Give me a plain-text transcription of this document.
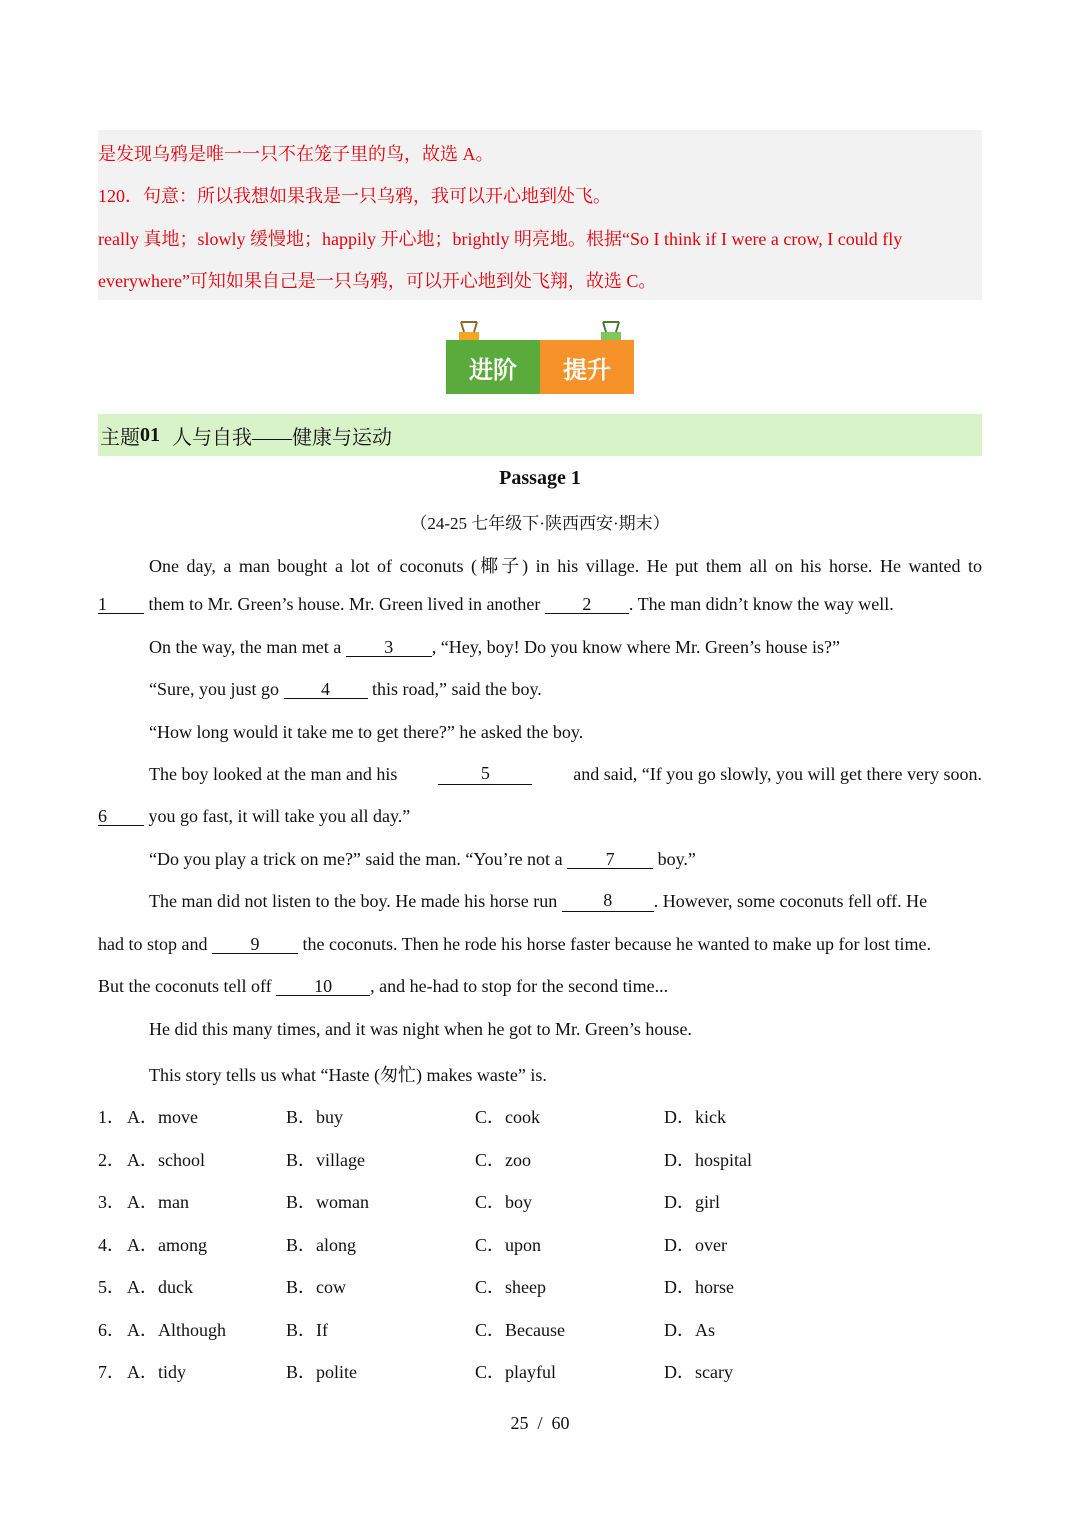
是发现乌鸦是唯一一只不在笼子里的鸟，故选 A。
120．句意：所以我想如果我是一只乌鸦，我可以开心地到处飞。
really 真地；slowly 缓慢地；happily 开心地；brightly 明亮地。根据“So I think if I were a crow, I could fly
everywhere”可知如果自己是一只乌鸦，可以开心地到处飞翔，故选 C。
进阶	提升
主题 01 人与自我——健康与运动
Passage 1
（24-25 七年级下·陕西西安·期末）
One day, a man bought a lot of coconuts (椰子) in his village. He put them all on his horse. He wanted to
1 them to Mr. Green’s house. Mr. Green lived in another 2 . The man didn’t know the way well.
On the way, the man met a 3 , “Hey, boy! Do you know where Mr. Green’s house is?”
“Sure, you just go 4 this road,” said the boy.
“How long would it take me to get there?” he asked the boy.
The boy looked at the man and his	5	and said, “If you go slowly, you will get there very soon.
6 you go fast, it will take you all day.”
“Do you play a trick on me?” said the man. “You’re not a 7 boy.”
The man did not listen to the boy. He made his horse run	8	. However, some coconuts fell off. He
had to stop and 9 the coconuts. Then he rode his horse faster because he wanted to make up for lost time.
But the coconuts tell off 10 , and he-had to stop for the second time...
He did this many times, and it was night when he got to Mr. Green’s house.
This story tells us what “Haste (匆忙) makes waste” is.
1． A．move	B．buy	C．cook	D．kick
2． A．school	B．village	C．zoo	D．hospital
3． A．man	B．woman	C．boy	D．girl
4． A．among	B．along	C．upon	D．over
5． A．duck	B．cow	C．sheep	D．horse
6． A．Although	B．If	C．Because	D．As
7． A．tidy	B．polite	C．playful	D．scary
25  /  60
